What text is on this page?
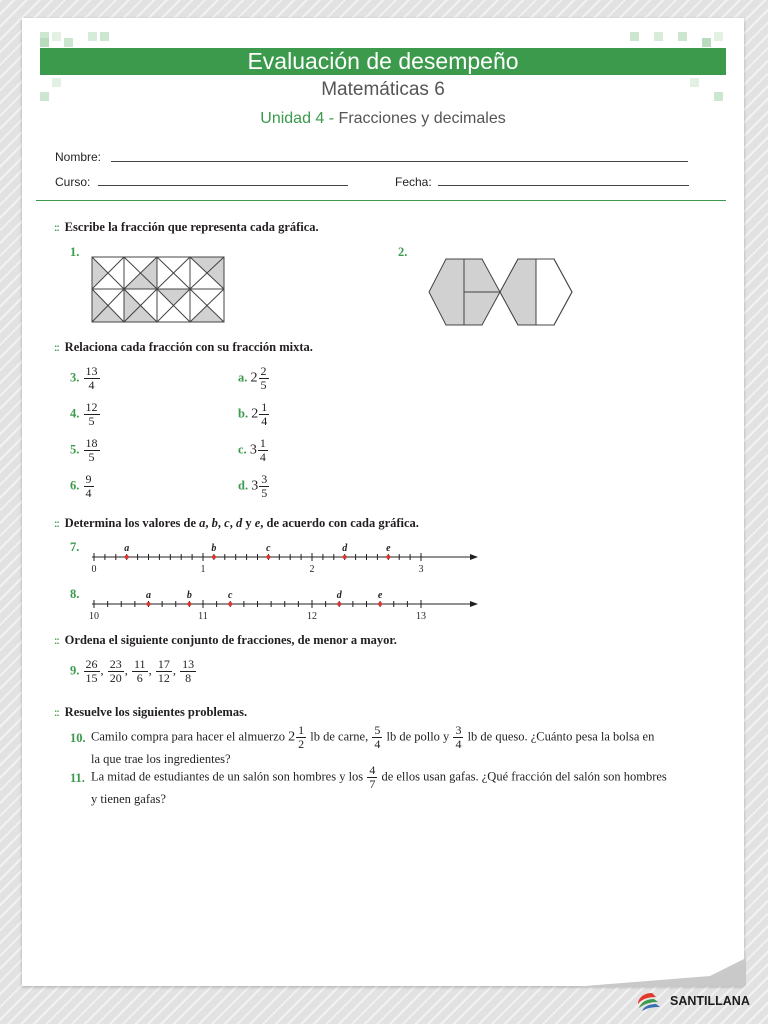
Evaluación de desempeño
Matemáticas 6
Unidad 4 - Fracciones y decimales
Nombre:
Curso:	Fecha:
:: Escribe la fracción que representa cada gráfica.
1.	2.
:: Relaciona cada fracción con su fracción mixta.
3. $\frac{13}{4}$
4. $\frac{12}{5}$
5. $\frac{18}{5}$
6. $\frac{9}{4}$
a. $2 \frac{2}{5}$
b. $2 \frac{1}{4}$
c. $3 \frac{1}{4}$
d. $3 \frac{3}{5}$
:: Determina los valores de a, b, c, d y e, de acuerdo con cada gráfica.
7.
0	1	2	3
a	b	c	d	e
8.
10	11	12	13
a	b	c	d	e
:: Ordena el siguiente conjunto de fracciones, de menor a mayor.
9. $\frac{26}{15}$ , $\frac{23}{20}$ , $\frac{11}{6}$ , $\frac{17}{12}$ , $\frac{13}{8}$
:: Resuelve los siguientes problemas.
10. Camilo compra para hacer el almuerzo $2 \frac{1}{2}$ lb de carne, $\frac{5}{4}$ lb de pollo y $\frac{3}{4}$ lb de queso. ¿Cuánto pesa la bolsa en

la que trae los ingredientes?

11. La mitad de estudiantes de un salón son hombres y los $\frac{4}{7}$ de ellos usan gafas. ¿Qué fracción del salón son hombres

y tienen gafas?

SANTILLANA
